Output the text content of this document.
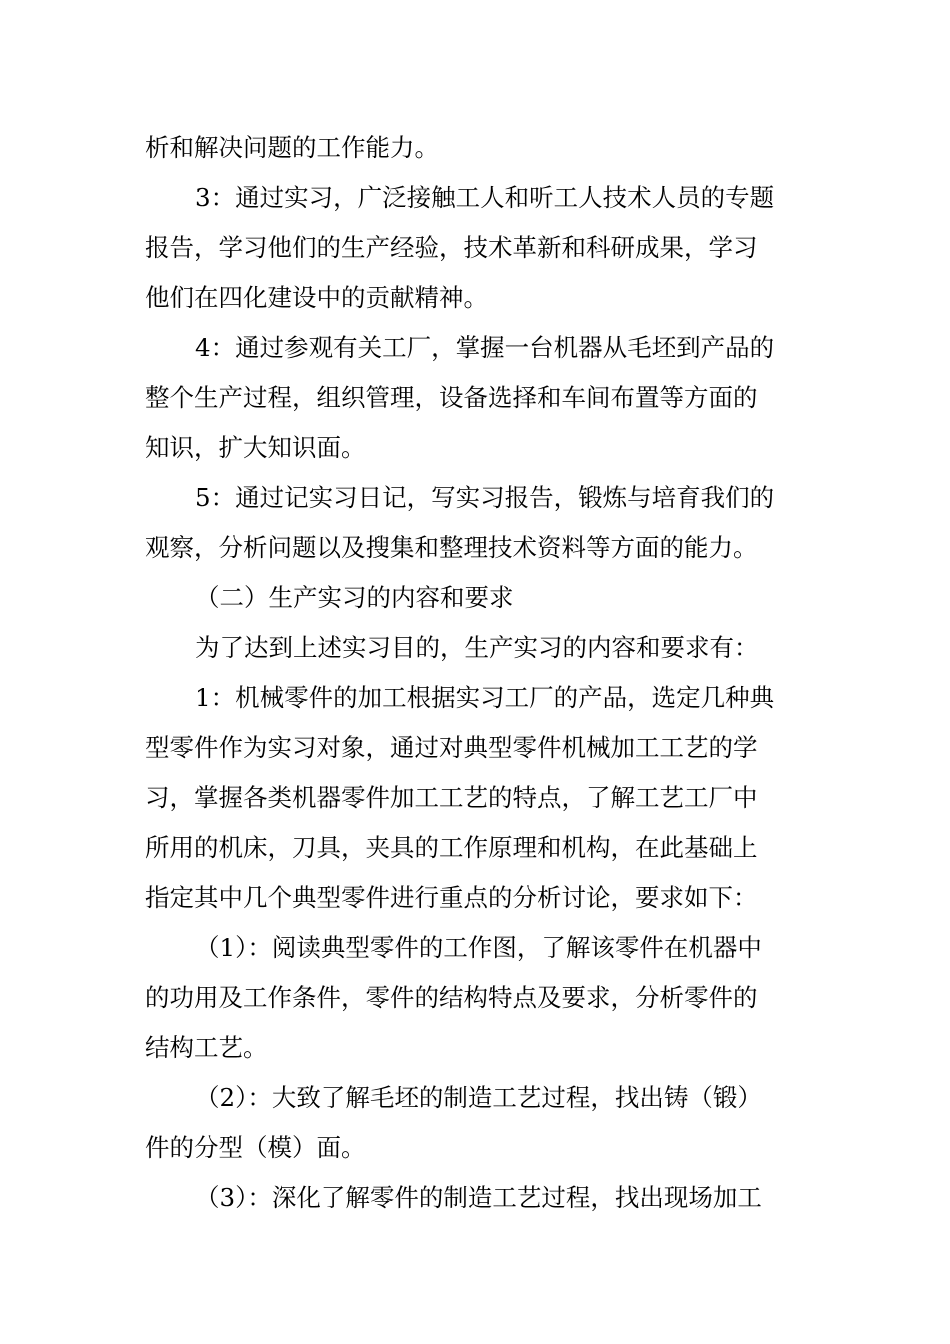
析和解决问题的工作能力。
3：通过实习，广泛接触工人和听工人技术人员的专题
报告，学习他们的生产经验，技术革新和科研成果，学习
他们在四化建设中的贡献精神。
4：通过参观有关工厂，掌握一台机器从毛坯到产品的
整个生产过程，组织管理，设备选择和车间布置等方面的
知识，扩大知识面。
5：通过记实习日记，写实习报告，锻炼与培育我们的
观察，分析问题以及搜集和整理技术资料等方面的能力。
（二）生产实习的内容和要求
为了达到上述实习目的，生产实习的内容和要求有：
1：机械零件的加工根据实习工厂的产品，选定几种典
型零件作为实习对象，通过对典型零件机械加工工艺的学
习，掌握各类机器零件加工工艺的特点，了解工艺工厂中
所用的机床，刀具，夹具的工作原理和机构，在此基础上
指定其中几个典型零件进行重点的分析讨论，要求如下：
（1）：阅读典型零件的工作图，了解该零件在机器中
的功用及工作条件，零件的结构特点及要求，分析零件的
结构工艺。
（2）：大致了解毛坯的制造工艺过程，找出铸（锻）
件的分型（模）面。
（3）：深化了解零件的制造工艺过程，找出现场加工
